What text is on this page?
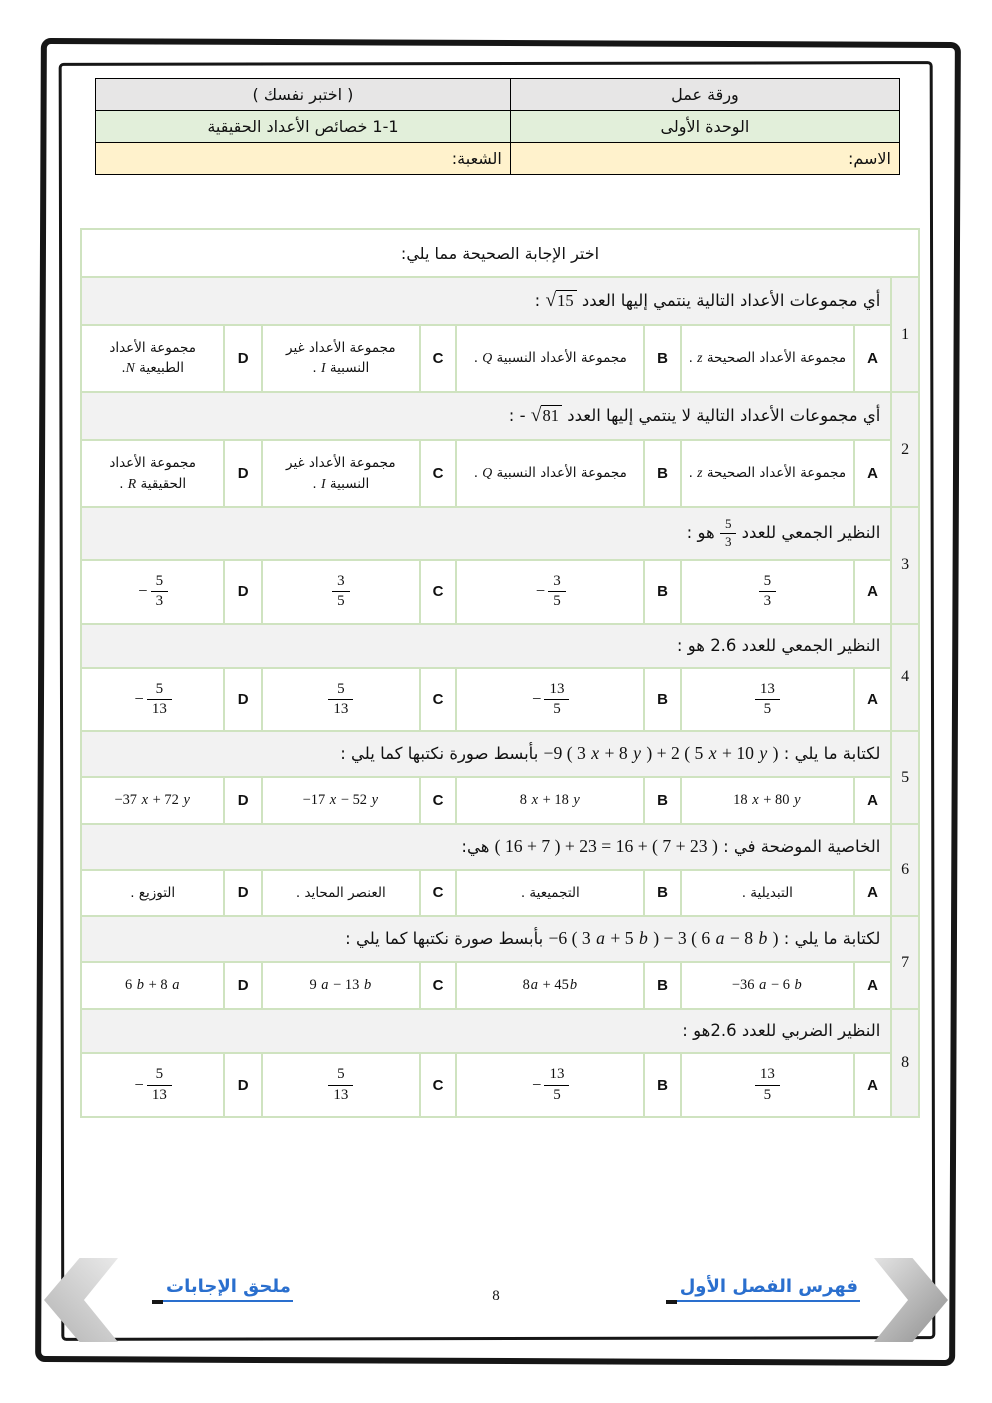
ورقة عمل	( اختبر نفسك )
الوحدة الأولى	1-1 خصائص الأعداد الحقيقية
الاسم:	الشعبة:
اختر الإجابة الصحيحة مما يلي:								
1	أي مجموعات الأعداد التالية ينتمي إليها العدد √15 :							
	A	مجموعة الأعداد الصحيحة z .	B	مجموعة الأعداد النسبية Q .	C	مجموعة الأعداد غير النسبية I .	D	مجموعة الأعداد الطبيعية N.
2	أي مجموعات الأعداد التالية لا ينتمي إليها العدد √81 - :							
	A	مجموعة الأعداد الصحيحة z .	B	مجموعة الأعداد النسبية Q .	C	مجموعة الأعداد غير النسبية I .	D	مجموعة الأعداد الحقيقية R .
3	النظير الجمعي للعدد
$\frac{5}{3}$
هو :							
	A	$\frac{5}{3}$	B	− $\frac{3}{5}$	C	$\frac{3}{5}$	D	− $\frac{5}{3}$

4	النظير الجمعي للعدد 2.6 هو :							
	A	$\frac{13}{5}$	B	− $\frac{13}{5}$	C	$\frac{5}{13}$	D	− $\frac{5}{13}$

5	لكتابة ما يلي : −9 ( 3 x + 8 y ) + 2 ( 5 x + 10 y ) بأبسط صورة نكتبها كما يلي :							
	A	18 x + 80 y	B	8 x + 18 y	C	−17 x − 52 y	D	−37 x + 72 y
6	الخاصية الموضحة في : ( 16 + 7 ) + 23 = 16 + ( 7 + 23 ) هي:							
	A	التبديلية .	B	التجميعية .	C	العنصر المحايد .	D	التوزيع .
7	لكتابة ما يلي : −6 ( 3 a + 5 b ) − 3 ( 6 a − 8 b ) بأبسط صورة نكتبها كما يلي :							
	A	−36 a − 6 b	B	8a + 45b	C	9 a − 13 b	D	6 b + 8 a
8	النظير الضربي للعدد 2.6هو :							
	A	$\frac{13}{5}$	B	− $\frac{13}{5}$	C	$\frac{5}{13}$	D	− $\frac{5}{13}$
فهرس الفصل الأول
8
ملحق الإجابات
